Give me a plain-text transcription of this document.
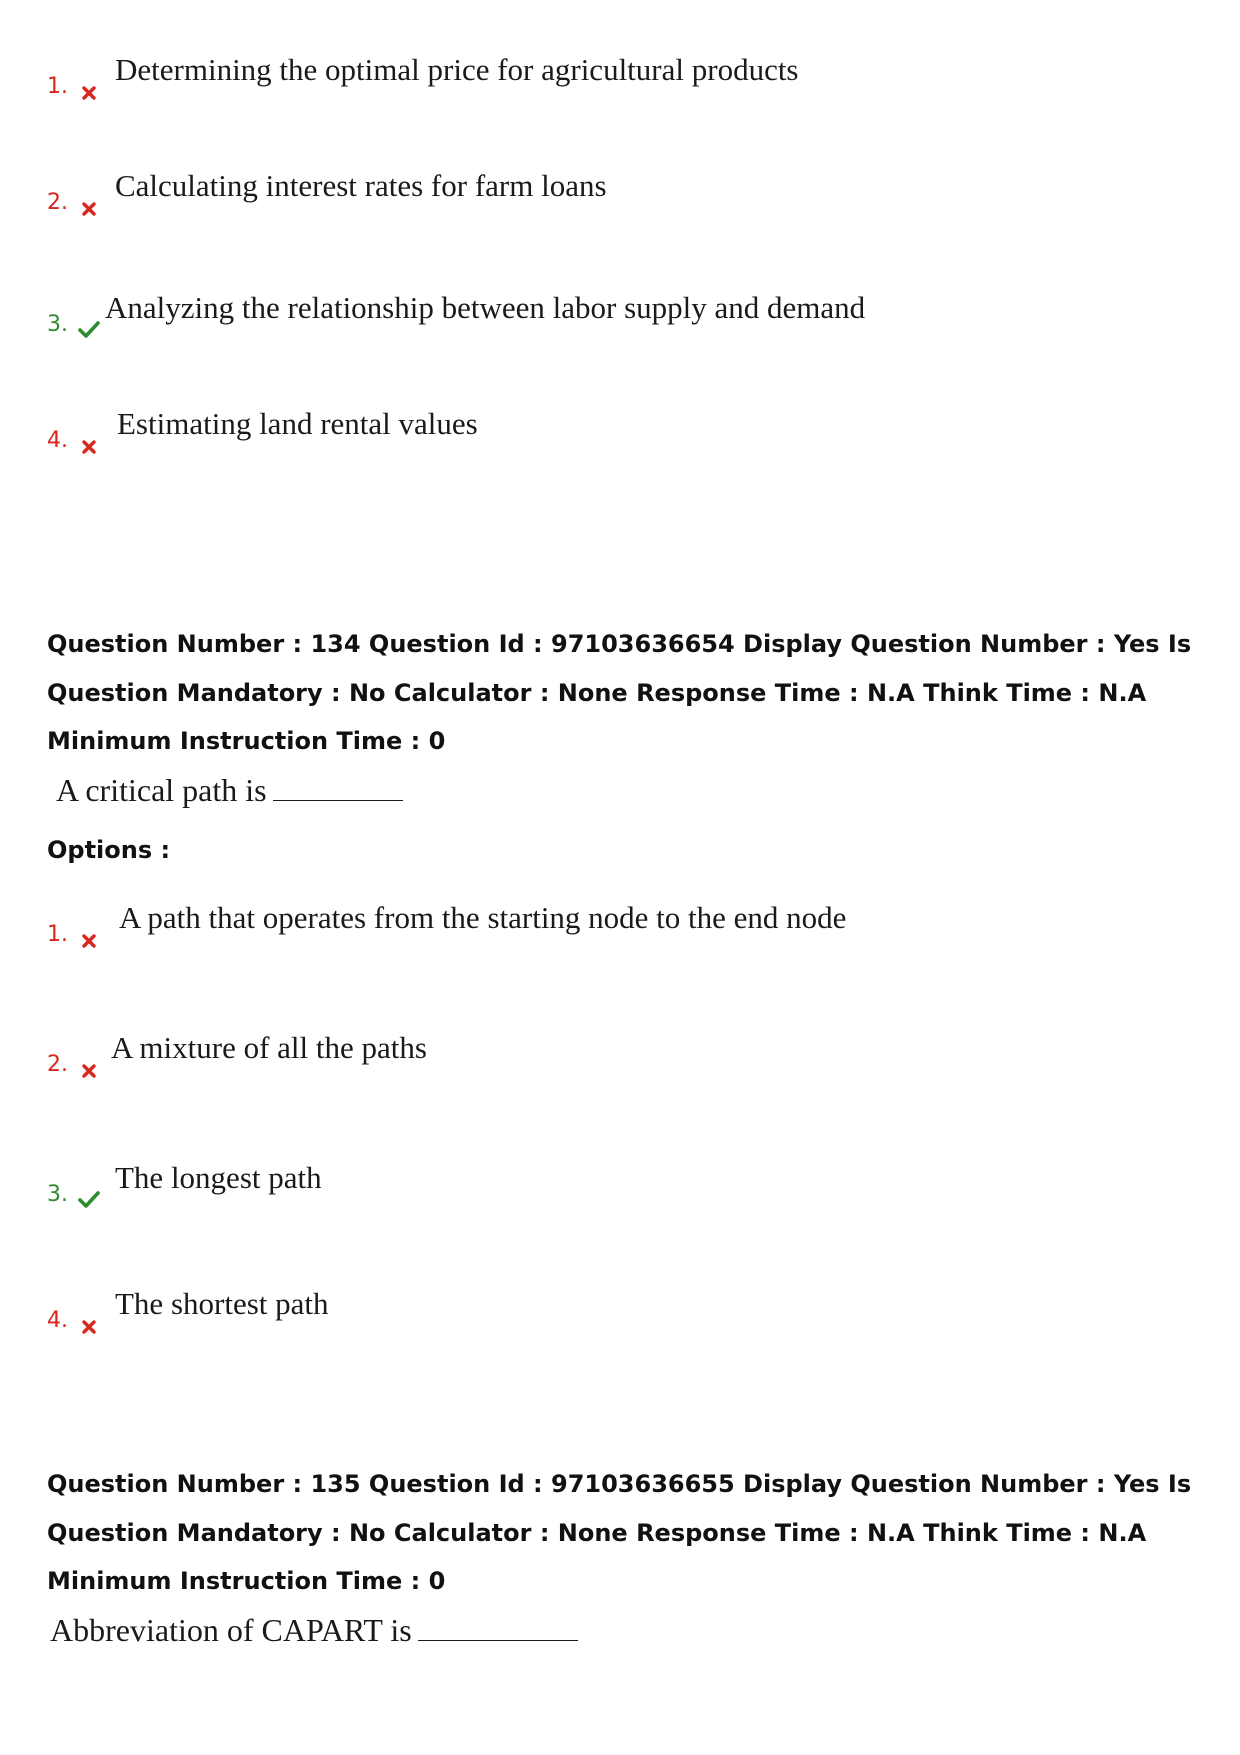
1. Determining the optimal price for agricultural products
2. Calculating interest rates for farm loans
3. Analyzing the relationship between labor supply and demand
4. Estimating land rental values
Question Number : 134 Question Id : 97103636654 Display Question Number : Yes Is Question Mandatory : No Calculator : None Response Time : N.A Think Time : N.A Minimum Instruction Time : 0
A critical path is
Options :
1. A path that operates from the starting node to the end node
2. A mixture of all the paths
3. The longest path
4. The shortest path
Question Number : 135 Question Id : 97103636655 Display Question Number : Yes Is Question Mandatory : No Calculator : None Response Time : N.A Think Time : N.A Minimum Instruction Time : 0
Abbreviation of CAPART is
